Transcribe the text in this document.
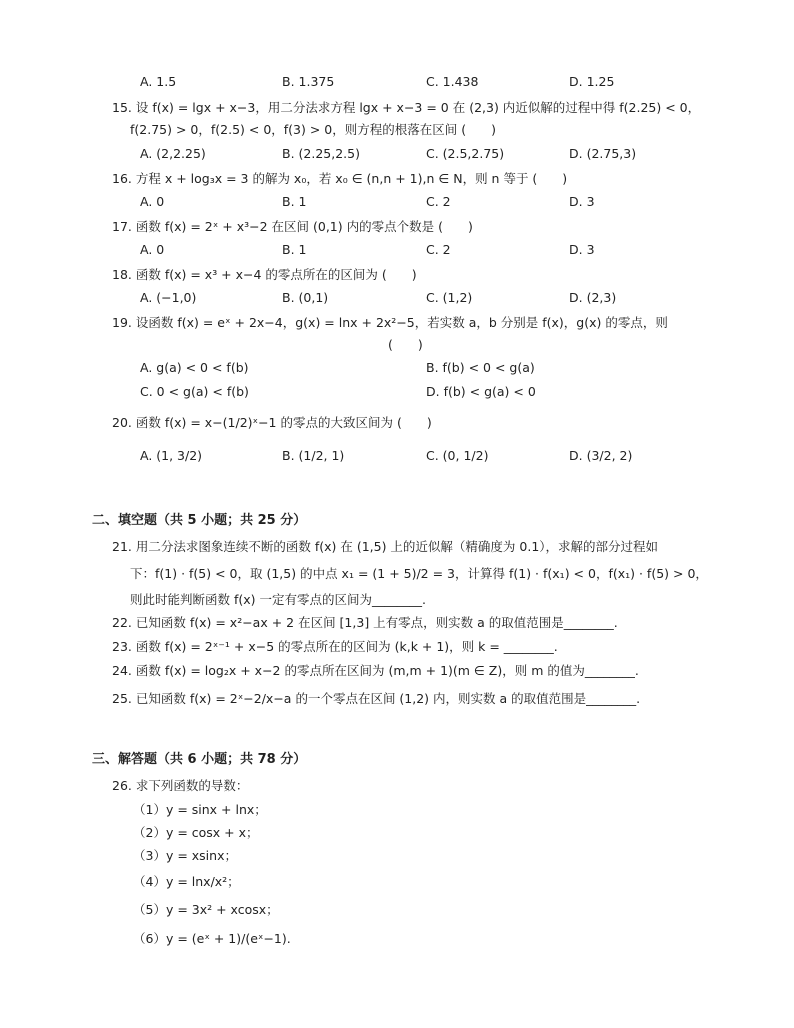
A. 1.5	B. 1.375	C. 1.438	D. 1.25
15. 设 f(x) = lgx + x−3，用二分法求方程 lgx + x−3 = 0 在 (2,3) 内近似解的过程中得 f(2.25) < 0，
f(2.75) > 0，f(2.5) < 0，f(3) > 0，则方程的根落在区间 (　　)
A. (2,2.25)	B. (2.25,2.5)	C. (2.5,2.75)	D. (2.75,3)
16. 方程 x + log₃x = 3 的解为 x₀，若 x₀ ∈ (n,n + 1),n ∈ N，则 n 等于 (　　)
A. 0	B. 1	C. 2	D. 3
17. 函数 f(x) = 2ˣ + x³−2 在区间 (0,1) 内的零点个数是 (　　)
A. 0	B. 1	C. 2	D. 3
18. 函数 f(x) = x³ + x−4 的零点所在的区间为 (　　)
A. (−1,0)	B. (0,1)	C. (1,2)	D. (2,3)
19. 设函数 f(x) = eˣ + 2x−4，g(x) = lnx + 2x²−5，若实数 a，b 分别是 f(x)，g(x) 的零点，则
(　　)
A. g(a) < 0 < f(b)	B. f(b) < 0 < g(a)
C. 0 < g(a) < f(b)	D. f(b) < g(a) < 0
20. 函数 f(x) = x−(1/2)ˣ−1 的零点的大致区间为 (　　)
A. (1, 3/2)	B. (1/2, 1)	C. (0, 1/2)	D. (3/2, 2)
二、填空题（共 5 小题；共 25 分）
21. 用二分法求图象连续不断的函数 f(x) 在 (1,5) 上的近似解（精确度为 0.1），求解的部分过程如
下：f(1) · f(5) < 0，取 (1,5) 的中点 x₁ = (1 + 5)/2 = 3，计算得 f(1) · f(x₁) < 0，f(x₁) · f(5) > 0，
则此时能判断函数 f(x) 一定有零点的区间为________.
22. 已知函数 f(x) = x²−ax + 2 在区间 [1,3] 上有零点，则实数 a 的取值范围是________.
23. 函数 f(x) = 2ˣ⁻¹ + x−5 的零点所在的区间为 (k,k + 1)，则 k = ________.
24. 函数 f(x) = log₂x + x−2 的零点所在区间为 (m,m + 1)(m ∈ Z)，则 m 的值为________.
25. 已知函数 f(x) = 2ˣ−2/x−a 的一个零点在区间 (1,2) 内，则实数 a 的取值范围是________.
三、解答题（共 6 小题；共 78 分）
26. 求下列函数的导数：
（1）y = sinx + lnx；
（2）y = cosx + x；
（3）y = xsinx；
（4）y = lnx/x²；
（5）y = 3x² + xcosx；
（6）y = (eˣ + 1)/(eˣ−1).
